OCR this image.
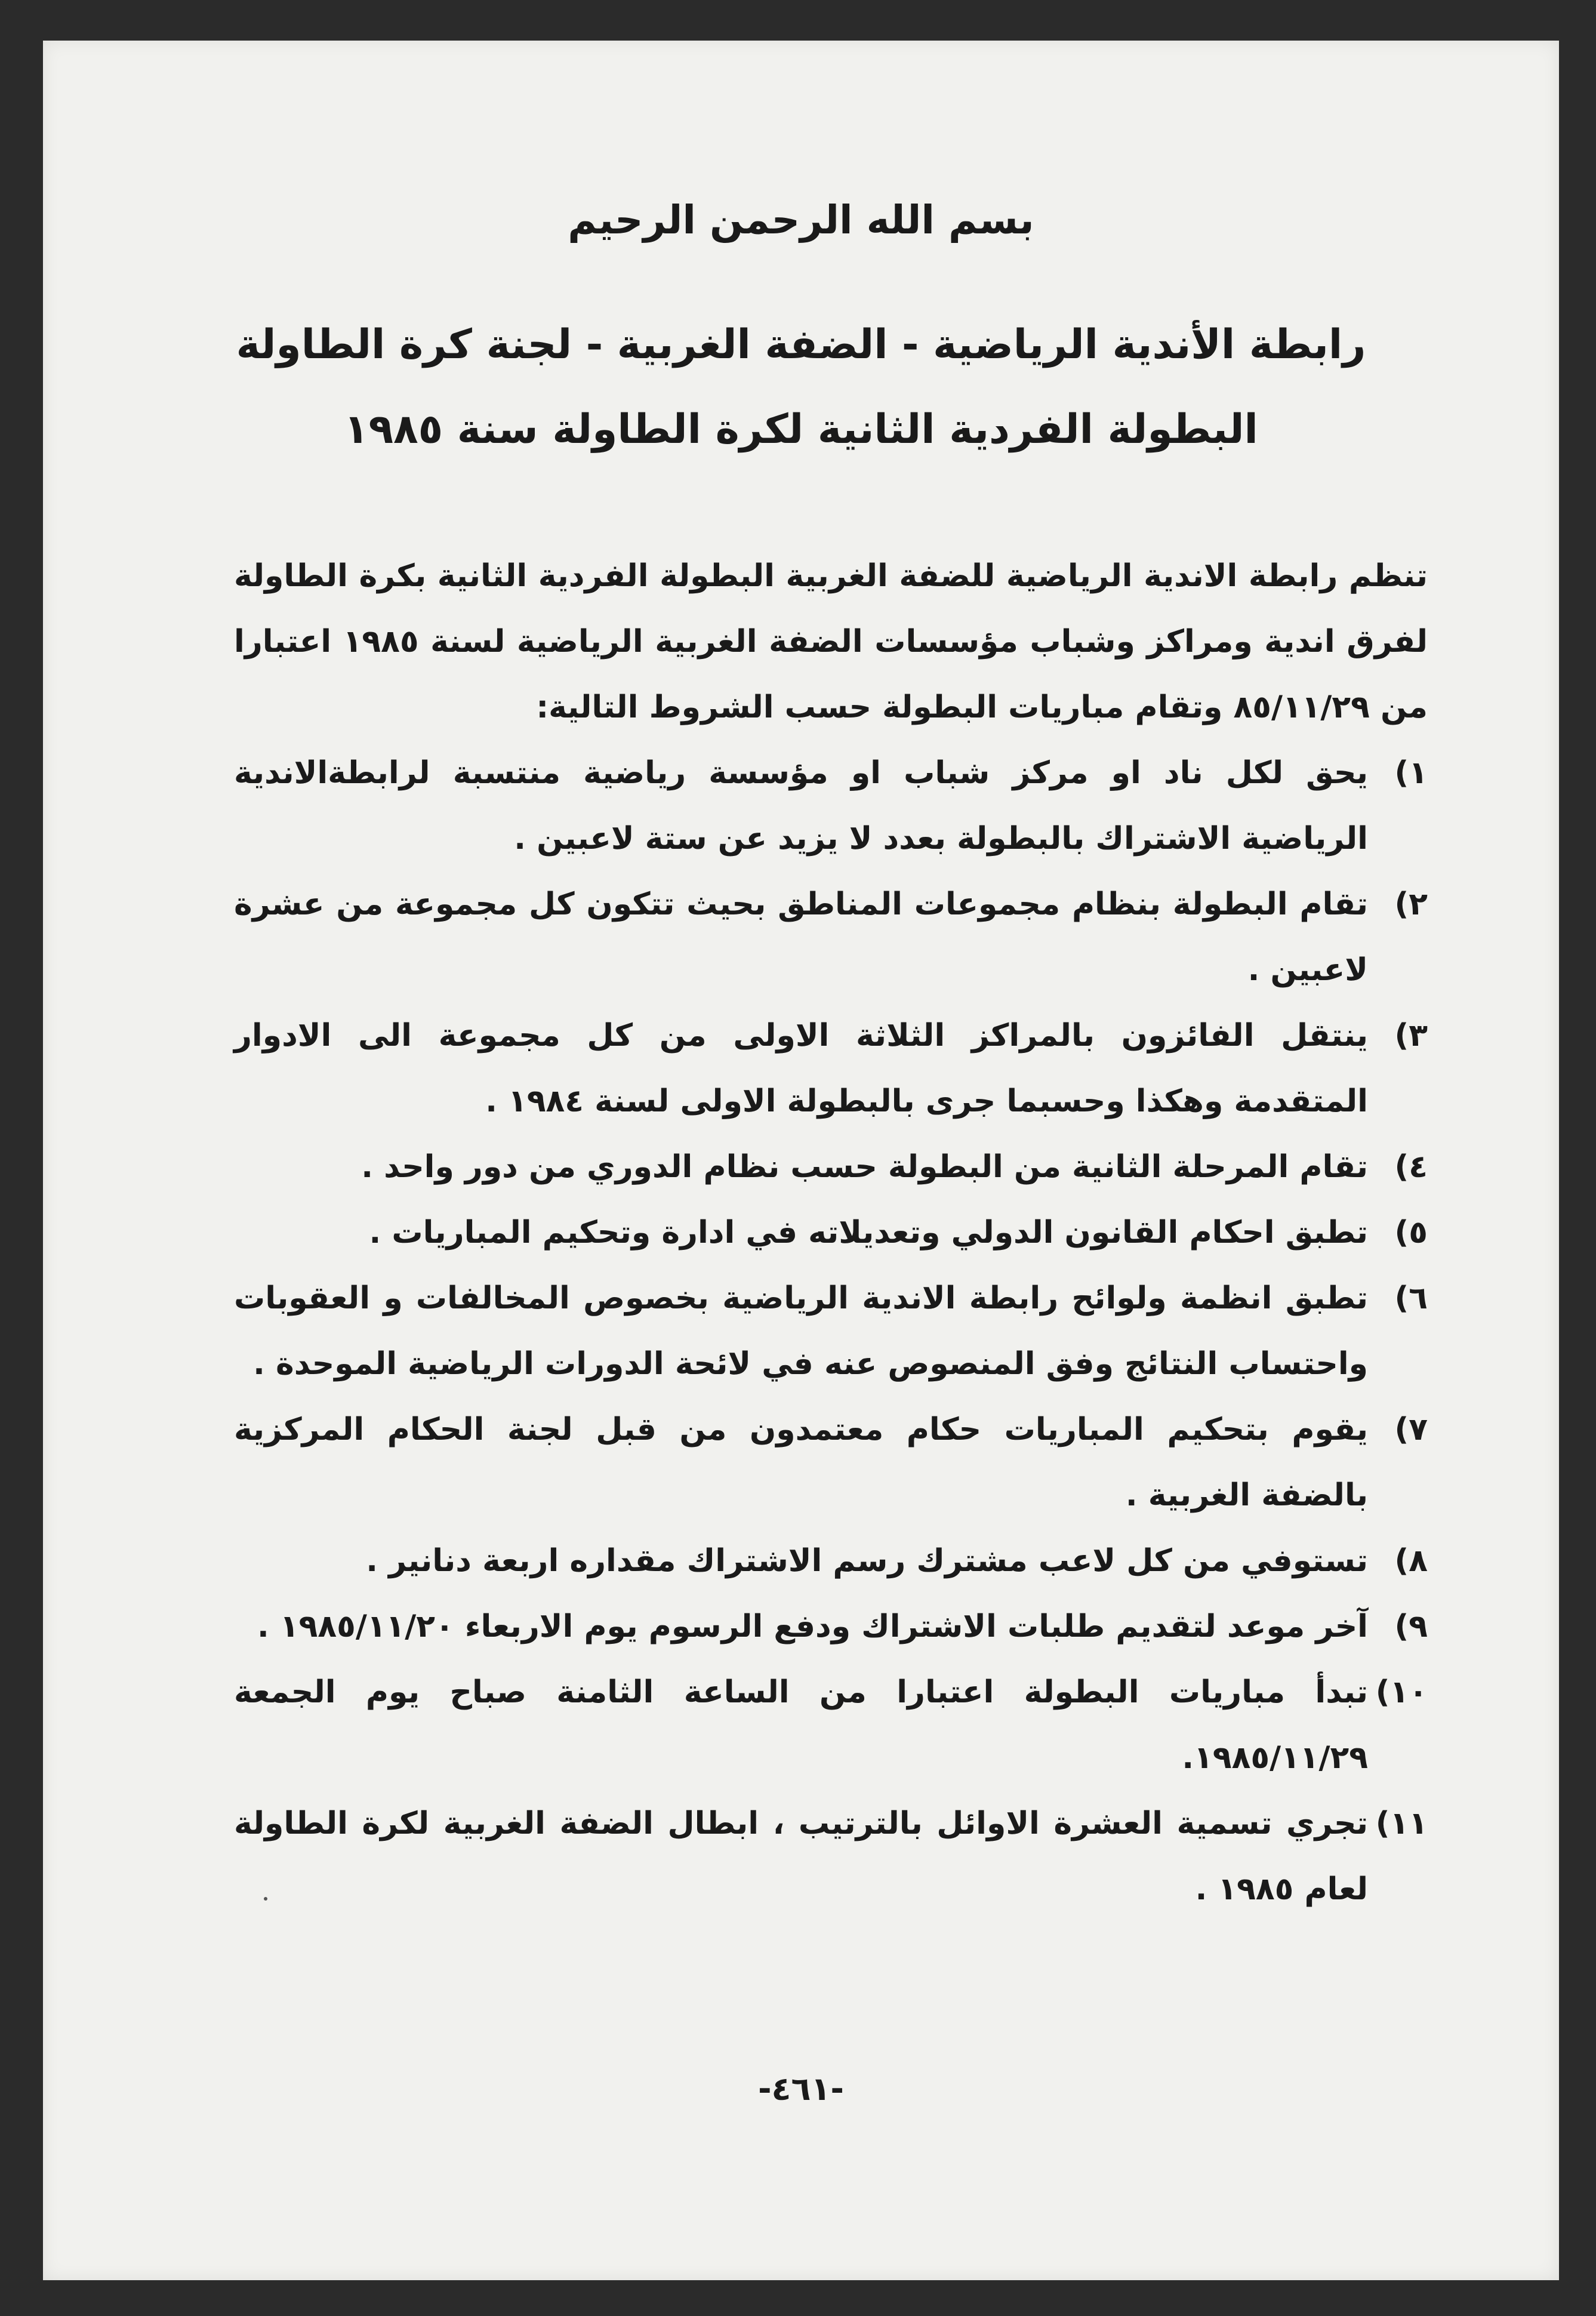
بسم الله الرحمن الرحيم
رابطة الأندية الرياضية - الضفة الغربية - لجنة كرة الطاولة
البطولة الفردية الثانية لكرة الطاولة سنة ١٩٨٥
تنظم رابطة الاندية الرياضية للضفة الغربية البطولة الفردية الثانية بكرة الطاولة لفرق اندية ومراكز وشباب مؤسسات الضفة الغربية الرياضية لسنة ١٩٨٥ اعتبارا من ٨٥/١١/٢٩ وتقام مباريات البطولة حسب الشروط التالية:
١)
يحق لكل ناد او مركز شباب او مؤسسة رياضية منتسبة لرابطةالاندية الرياضية الاشتراك بالبطولة بعدد لا يزيد عن ستة لاعبين .
٢)
تقام البطولة بنظام مجموعات المناطق بحيث تتكون كل مجموعة من عشرة لاعبين .
٣)
ينتقل الفائزون بالمراكز الثلاثة الاولى من كل مجموعة الى الادوار المتقدمة وهكذا وحسبما جرى بالبطولة الاولى لسنة ١٩٨٤ .
٤)
تقام المرحلة الثانية من البطولة حسب نظام الدوري من دور واحد .
٥)
تطبق احكام القانون الدولي وتعديلاته في ادارة وتحكيم المباريات .
٦)
تطبق انظمة ولوائح رابطة الاندية الرياضية بخصوص المخالفات و العقوبات واحتساب النتائج وفق المنصوص عنه في لائحة الدورات الرياضية الموحدة .
٧)
يقوم بتحكيم المباريات حكام معتمدون من قبل لجنة الحكام المركزية بالضفة الغربية .
٨)
تستوفي من كل لاعب مشترك رسم الاشتراك مقداره اربعة دنانير .
٩)
آخر موعد لتقديم طلبات الاشتراك ودفع الرسوم يوم الاربعاء ١٩٨٥/١١/٢٠ .
١٠)
تبدأ مباريات البطولة اعتبارا من الساعة الثامنة صباح يوم الجمعة ١٩٨٥/١١/٢٩.
١١)
تجري تسمية العشرة الاوائل بالترتيب ، ابطال الضفة الغربية لكرة الطاولة لعام ١٩٨٥ .
-٤٦١-
